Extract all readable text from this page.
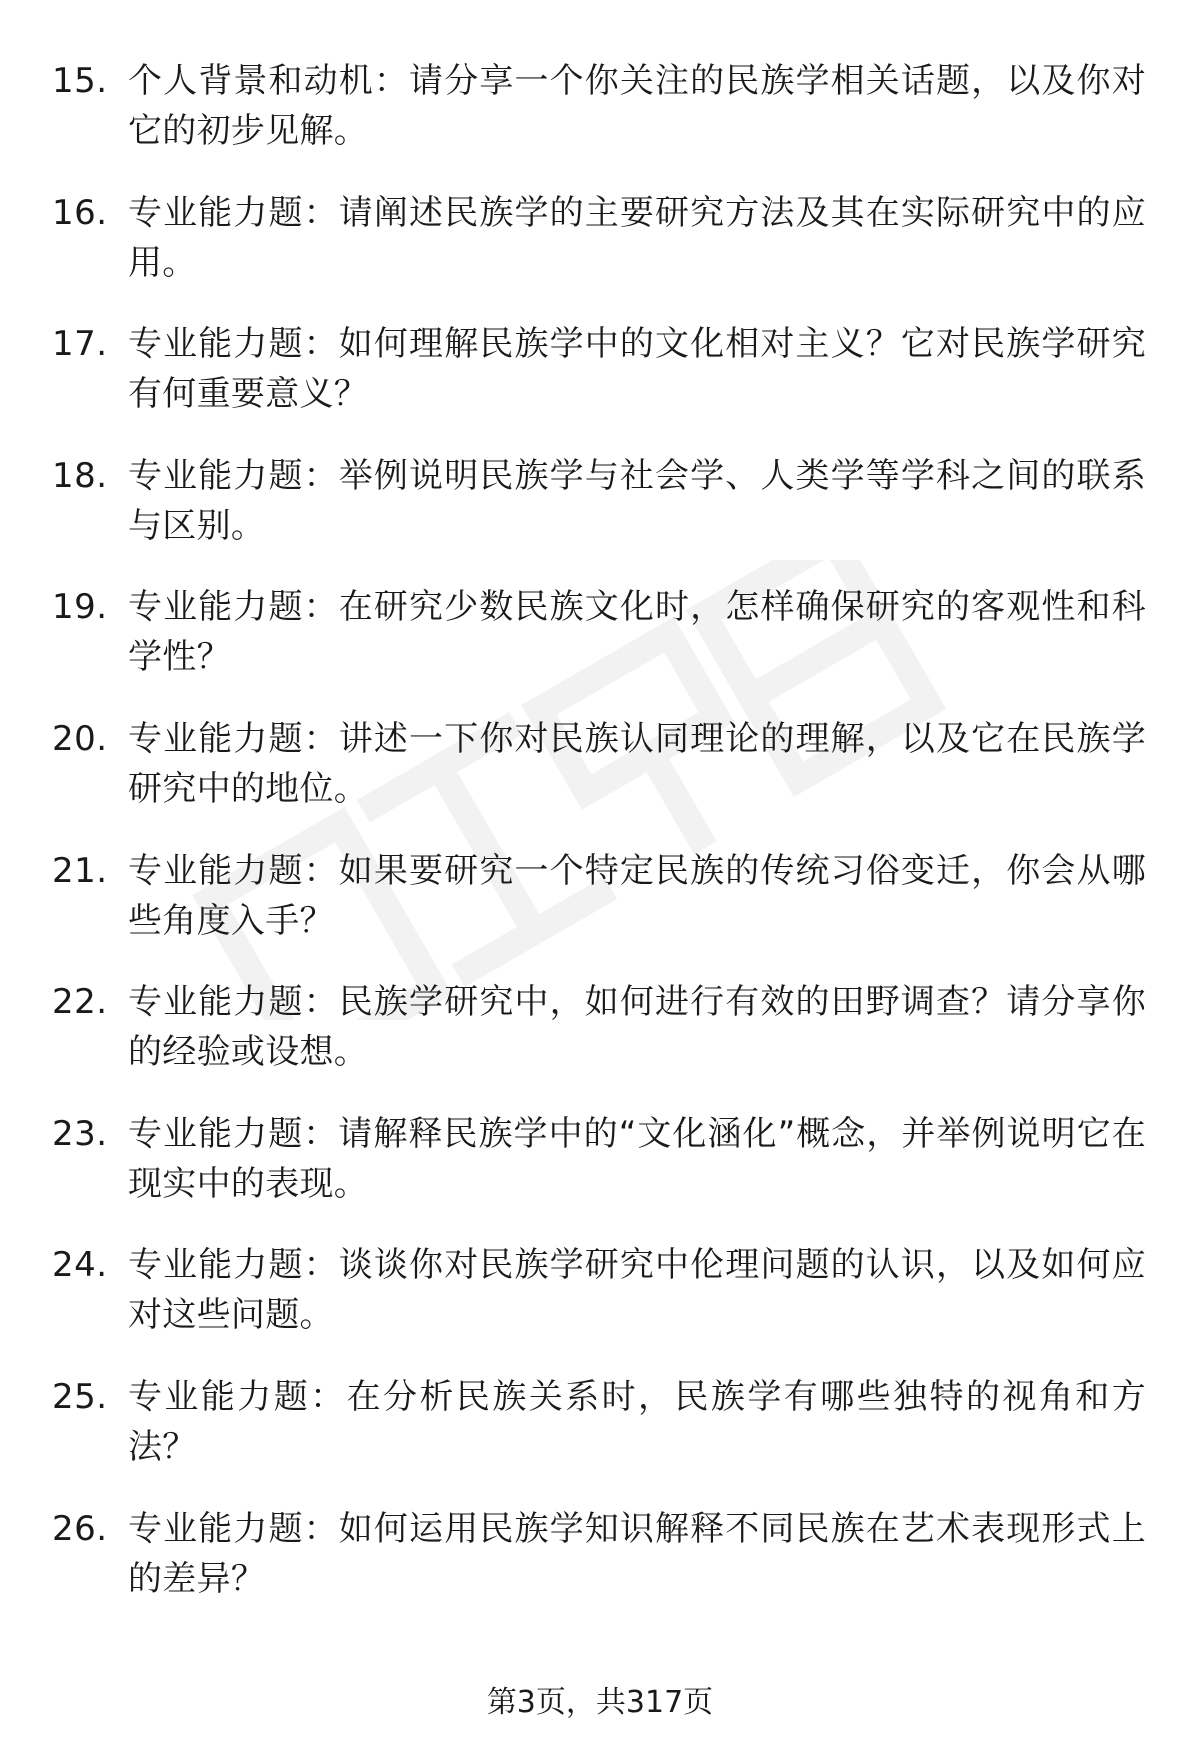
15. 个人背景和动机：请分享一个你关注的民族学相关话题，以及你对它的初步见解。
16. 专业能力题：请阐述民族学的主要研究方法及其在实际研究中的应用。
17. 专业能力题：如何理解民族学中的文化相对主义？它对民族学研究有何重要意义？
18. 专业能力题：举例说明民族学与社会学、人类学等学科之间的联系与区别。
19. 专业能力题：在研究少数民族文化时，怎样确保研究的客观性和科学性？
20. 专业能力题：讲述一下你对民族认同理论的理解，以及它在民族学研究中的地位。
21. 专业能力题：如果要研究一个特定民族的传统习俗变迁，你会从哪些角度入手？
22. 专业能力题：民族学研究中，如何进行有效的田野调查？请分享你的经验或设想。
23. 专业能力题：请解释民族学中的“文化涵化”概念，并举例说明它在现实中的表现。
24. 专业能力题：谈谈你对民族学研究中伦理问题的认识，以及如何应对这些问题。
25. 专业能力题：在分析民族关系时，民族学有哪些独特的视角和方法？
26. 专业能力题：如何运用民族学知识解释不同民族在艺术表现形式上的差异？
第3页，共317页
